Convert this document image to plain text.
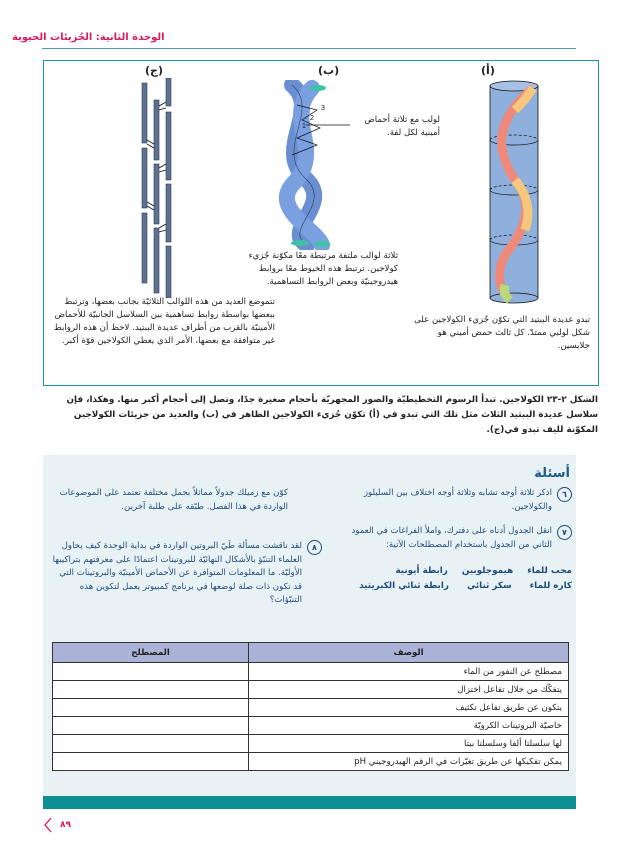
الوحدة الثانية: الجُزيئات الحيوية
(ج)	(ب)	(أ)
3
2
1
لولب مع ثلاثة أحماض أمينية لكل لفة.
ثلاثة لوالب ملتفة مرتبطة معًا مكوّنة جُزيء كولاجين. ترتبط هذه الخيوط معًا بروابط هيدروجينيّة وبعض الروابط التساهمية.
تبدو عديدة الببتيد التي تكوّن جُزيء الكولاجين على شكل لولبي ممتدّ. كل ثالث حمض أميني هو جلايسين.
تتموضع العديد من هذه اللوالب الثلاثيّة بجانب بعضها، وترتبط ببعضها بواسطة روابط تساهمية بين السلاسل الجانبيّة للأحماض الأمينيّة بالقرب من أطراف عديدة الببتيد. لاحظ أن هذه الروابط غير متوافقة مع بعضها، الأمر الذي يعطي الكولاجين قوّة أكبر.
الشكل ٢-٢٣ الكولاجين. تبدأ الرسوم التخطيطيّة والصور المجهريّة بأحجام صغيرة جدًا، وتصل إلى أحجام أكبر منها. وهكذا، فإن سلاسل عديدة الببتيد الثلاث مثل تلك التي تبدو في (أ) تكوّن جُزيء الكولاجين الظاهر في (ب) والعديد من جزيئات الكولاجين المكوّنة لليف تبدو في(ج).
أسئلة
٦
اذكر ثلاثة أوجه تشابه وثلاثة أوجه اختلاف بين السليلوز والكولاجين.
٧
انقل الجدول أدناه على دفترك، واملأ الفراغات في العمود الثاني من الجدول باستخدام المصطلحات الآتية:
محب للماء
هيموجلوبين
رابطة أيونية
كاره للماء
سكر ثنائي
رابطة ثنائي الكبريتيد
كوّن مع زميلك جدولاً مماثلاً بجمل مختلفة تعتمد على الموضوعات الواردة في هذا الفصل. طبّقه على طلبة آخرين.
٨
لقد ناقشت مسألة طَيّ البروتين الواردة في بداية الوحدة كيف يحاول العلماء التنبّؤ بالأشكال النهائيّة للبروتينات اعتمادًا على معرفتهم بتراكيبها الأوليّة. ما المعلومات المتوافرة عن الأحماض الأمينيّة والبروتينات التي قد تكون ذات صلة لوضعها في برنامج كمبيوتر يعمل لتكوين هذه التنبّؤات؟
الوصف	المصطلح
مصطلح عن النفور من الماء	
يتفكّك من خلال تفاعل اختزال	
يتكون عن طريق تفاعل تكثيف	
خاصيّة البروتينات الكرويّة	
لها سلسلتا ألفا وسلسلتا بيتا	
يمكن تفكيكها عن طريق تغيّرات في الرقم الهيدروجيني pH	
٨٩
